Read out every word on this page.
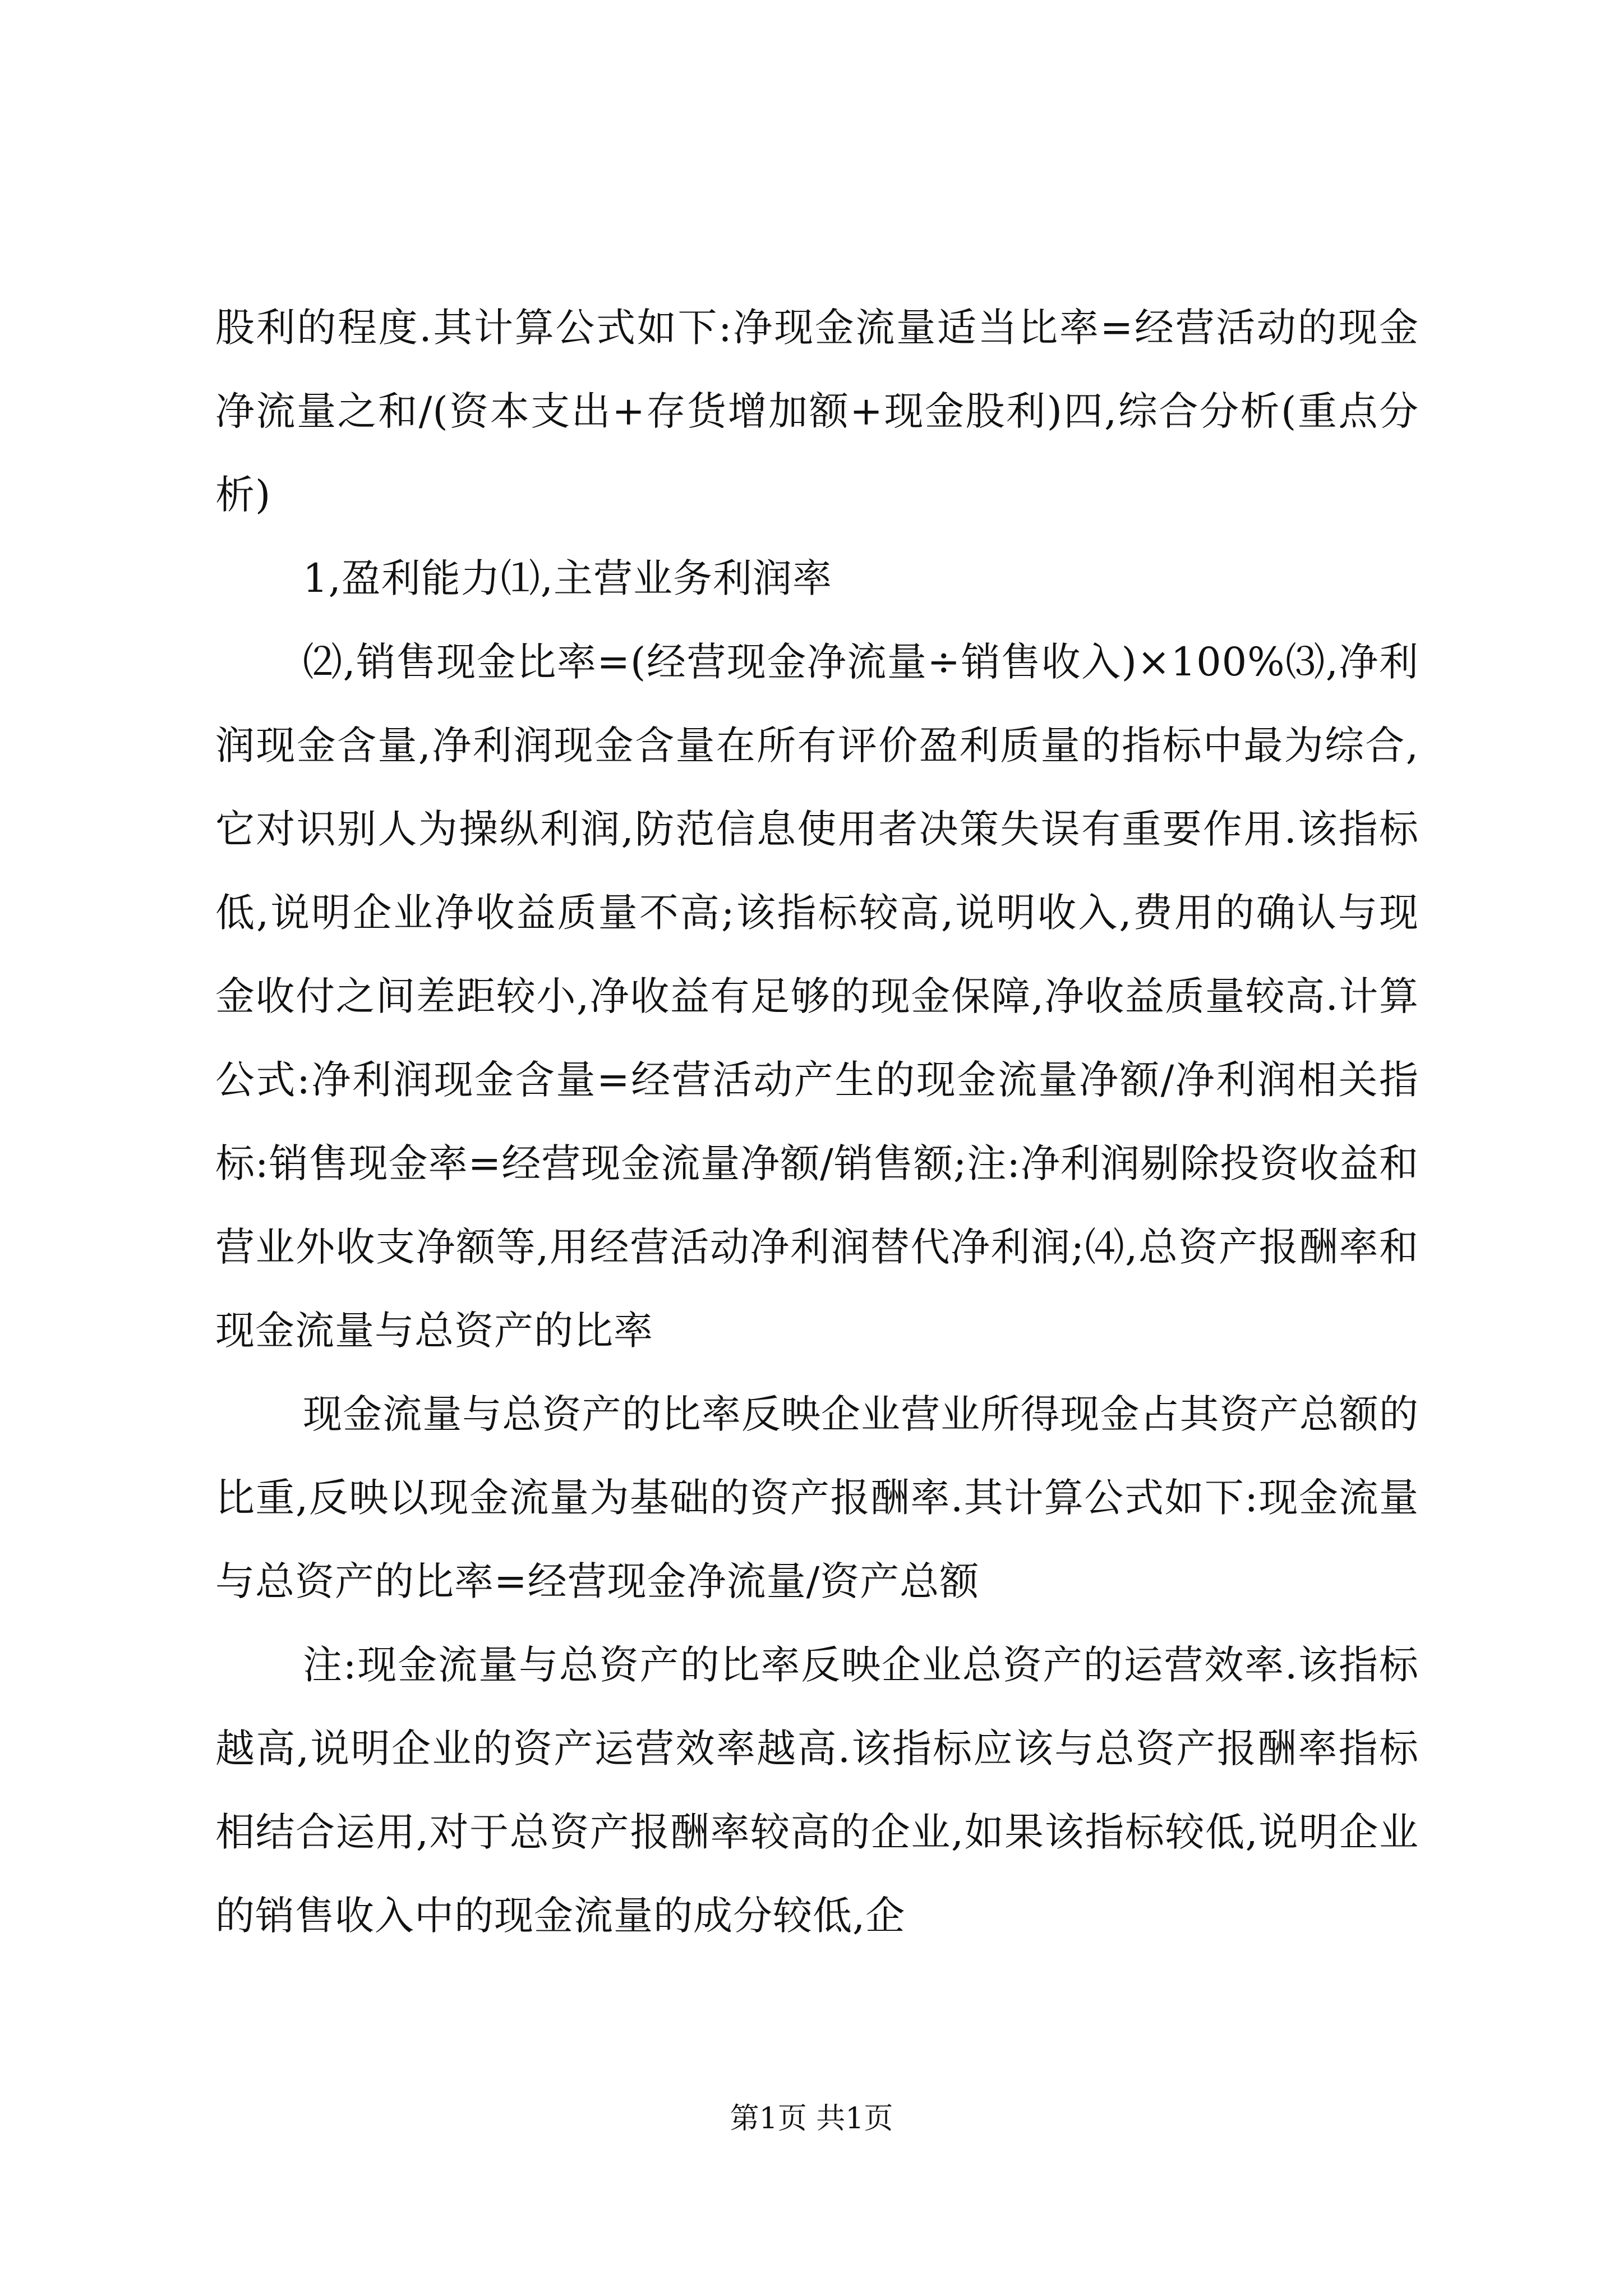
股利的程度.其计算公式如下:净现金流量适当比率=经营活动的现金净流量之和/(资本支出+存货增加额+现金股利)四,综合分析(重点分析)

1,盈利能力⑴,主营业务利润率

⑵,销售现金比率=(经营现金净流量÷销售收入)×100%⑶,净利润现金含量,净利润现金含量在所有评价盈利质量的指标中最为综合,它对识别人为操纵利润,防范信息使用者决策失误有重要作用.该指标低,说明企业净收益质量不高;该指标较高,说明收入,费用的确认与现金收付之间差距较小,净收益有足够的现金保障,净收益质量较高.计算公式:净利润现金含量=经营活动产生的现金流量净额/净利润相关指标:销售现金率=经营现金流量净额/销售额;注:净利润剔除投资收益和营业外收支净额等,用经营活动净利润替代净利润;⑷,总资产报酬率和现金流量与总资产的比率

现金流量与总资产的比率反映企业营业所得现金占其资产总额的比重,反映以现金流量为基础的资产报酬率.其计算公式如下:现金流量与总资产的比率=经营现金净流量/资产总额

注:现金流量与总资产的比率反映企业总资产的运营效率.该指标越高,说明企业的资产运营效率越高.该指标应该与总资产报酬率指标相结合运用,对于总资产报酬率较高的企业,如果该指标较低,说明企业的销售收入中的现金流量的成分较低,企

第1页 共1页
